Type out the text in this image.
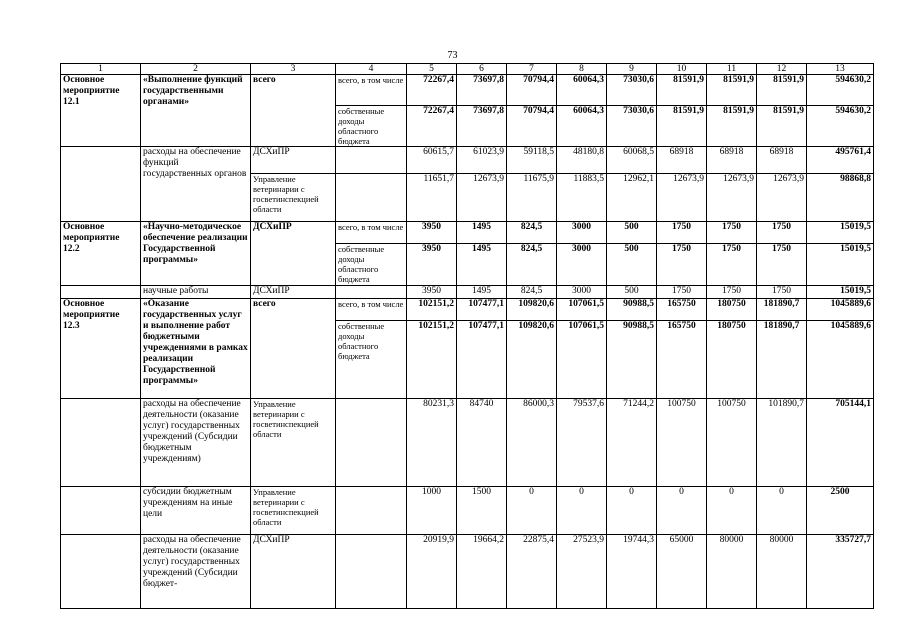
73
1	2	3	4	5	6	7	8	9	10	11	12	13
Основное мероприятие 12.1	«Выполнение функций государственными органами»	всего	всего, в том числе	72267,4	73697,8	70794,4	60064,3	73030,6	81591,9	81591,9	81591,9	594630,2
			собственные доходы областного бюджета	72267,4	73697,8	70794,4	60064,3	73030,6	81591,9	81591,9	81591,9	594630,2
	расходы на обеспечение функций государственных органов	ДСХиПР		60615,7	61023,9	59118,5	48180,8	60068,5	68918	68918	68918	495761,4
		Управление ветеринарии с госветинспекцией области		11651,7	12673,9	11675,9	11883,5	12962,1	12673,9	12673,9	12673,9	98868,8
Основное мероприятие 12.2	«Научно-методическое обеспечение реализации Государственной программы»	ДСХиПР	всего, в том числе	3950	1495	824,5	3000	500	1750	1750	1750	15019,5
			собственные доходы областного бюджета	3950	1495	824,5	3000	500	1750	1750	1750	15019,5
	научные работы	ДСХиПР		3950	1495	824,5	3000	500	1750	1750	1750	15019,5
Основное мероприятие 12.3	«Оказание государственных услуг и выполнение работ бюджетными учреждениями в рамках реализации Государственной программы»	всего	всего, в том числе	102151,2	107477,1	109820,6	107061,5	90988,5	165750	180750	181890,7	1045889,6
			собственные доходы областного бюджета	102151,2	107477,1	109820,6	107061,5	90988,5	165750	180750	181890,7	1045889,6
	расходы на обеспечение деятельности (оказание услуг) государственных учреждений (Субсидии бюджетным учреждениям)	Управление ветеринарии с госветинспекцией области		80231,3	84740	86000,3	79537,6	71244,2	100750	100750	101890,7	705144,1
	субсидии бюджетным учреждениям на иные цели	Управление ветеринарии с госветинспекцией области		1000	1500	0	0	0	0	0	0	2500
	расходы на обеспечение деятельности (оказание услуг) государственных учреждений (Субсидии бюджет-	ДСХиПР		20919,9	19664,2	22875,4	27523,9	19744,3	65000	80000	80000	335727,7
